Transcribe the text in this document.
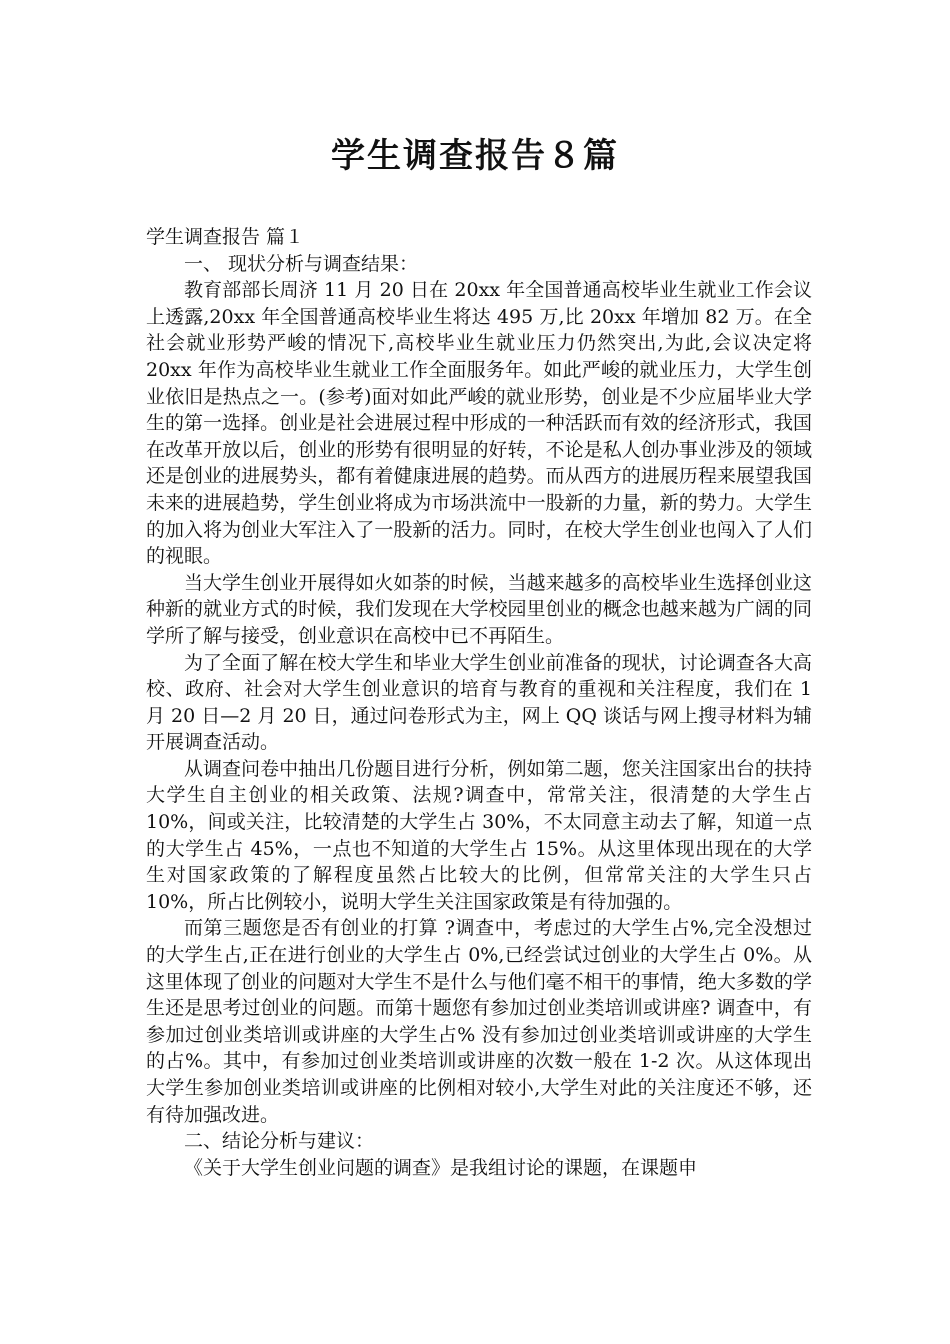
学生调查报告８篇

学生调查报告 篇１

一、 现状分析与调查结果：

教育部部长周济 11 月 20 日在 20xx 年全国普通高校毕业生就业工作会议上透露,20xx 年全国普通高校毕业生将达 495 万,比 20xx 年增加 82 万。在全社会就业形势严峻的情况下,高校毕业生就业压力仍然突出,为此,会议决定将 20xx 年作为高校毕业生就业工作全面服务年。如此严峻的就业压力，大学生创业依旧是热点之一。(参考)面对如此严峻的就业形势，创业是不少应届毕业大学生的第一选择。创业是社会进展过程中形成的一种活跃而有效的经济形式，我国在改革开放以后，创业的形势有很明显的好转，不论是私人创办事业涉及的领域还是创业的进展势头，都有着健康进展的趋势。而从西方的进展历程来展望我国未来的进展趋势，学生创业将成为市场洪流中一股新的力量，新的势力。大学生的加入将为创业大军注入了一股新的活力。同时，在校大学生创业也闯入了人们的视眼。

当大学生创业开展得如火如荼的时候，当越来越多的高校毕业生选择创业这种新的就业方式的时候，我们发现在大学校园里创业的概念也越来越为广阔的同学所了解与接受，创业意识在高校中已不再陌生。

为了全面了解在校大学生和毕业大学生创业前准备的现状，讨论调查各大高校、政府、社会对大学生创业意识的培育与教育的重视和关注程度，我们在 1 月 20 日—2 月 20 日，通过问卷形式为主，网上 QQ 谈话与网上搜寻材料为辅开展调查活动。

从调查问卷中抽出几份题目进行分析，例如第二题，您关注国家出台的扶持大学生自主创业的相关政策、法规?调查中，常常关注，很清楚的大学生占 10%，间或关注，比较清楚的大学生占 30%，不太同意主动去了解，知道一点的大学生占 45%，一点也不知道的大学生占 15%。从这里体现出现在的大学生对国家政策的了解程度虽然占比较大的比例，但常常关注的大学生只占 10%，所占比例较小，说明大学生关注国家政策是有待加强的。

而第三题您是否有创业的打算 ?调查中，考虑过的大学生占%,完全没想过的大学生占,正在进行创业的大学生占 0%,已经尝试过创业的大学生占 0%。从这里体现了创业的问题对大学生不是什么与他们毫不相干的事情，绝大多数的学生还是思考过创业的问题。而第十题您有参加过创业类培训或讲座? 调查中，有参加过创业类培训或讲座的大学生占% 没有参加过创业类培训或讲座的大学生的占%。其中，有参加过创业类培训或讲座的次数一般在 1-2 次。从这体现出大学生参加创业类培训或讲座的比例相对较小,大学生对此的关注度还不够，还有待加强改进。

二、结论分析与建议：

《关于大学生创业问题的调查》是我组讨论的课题，在课题申
